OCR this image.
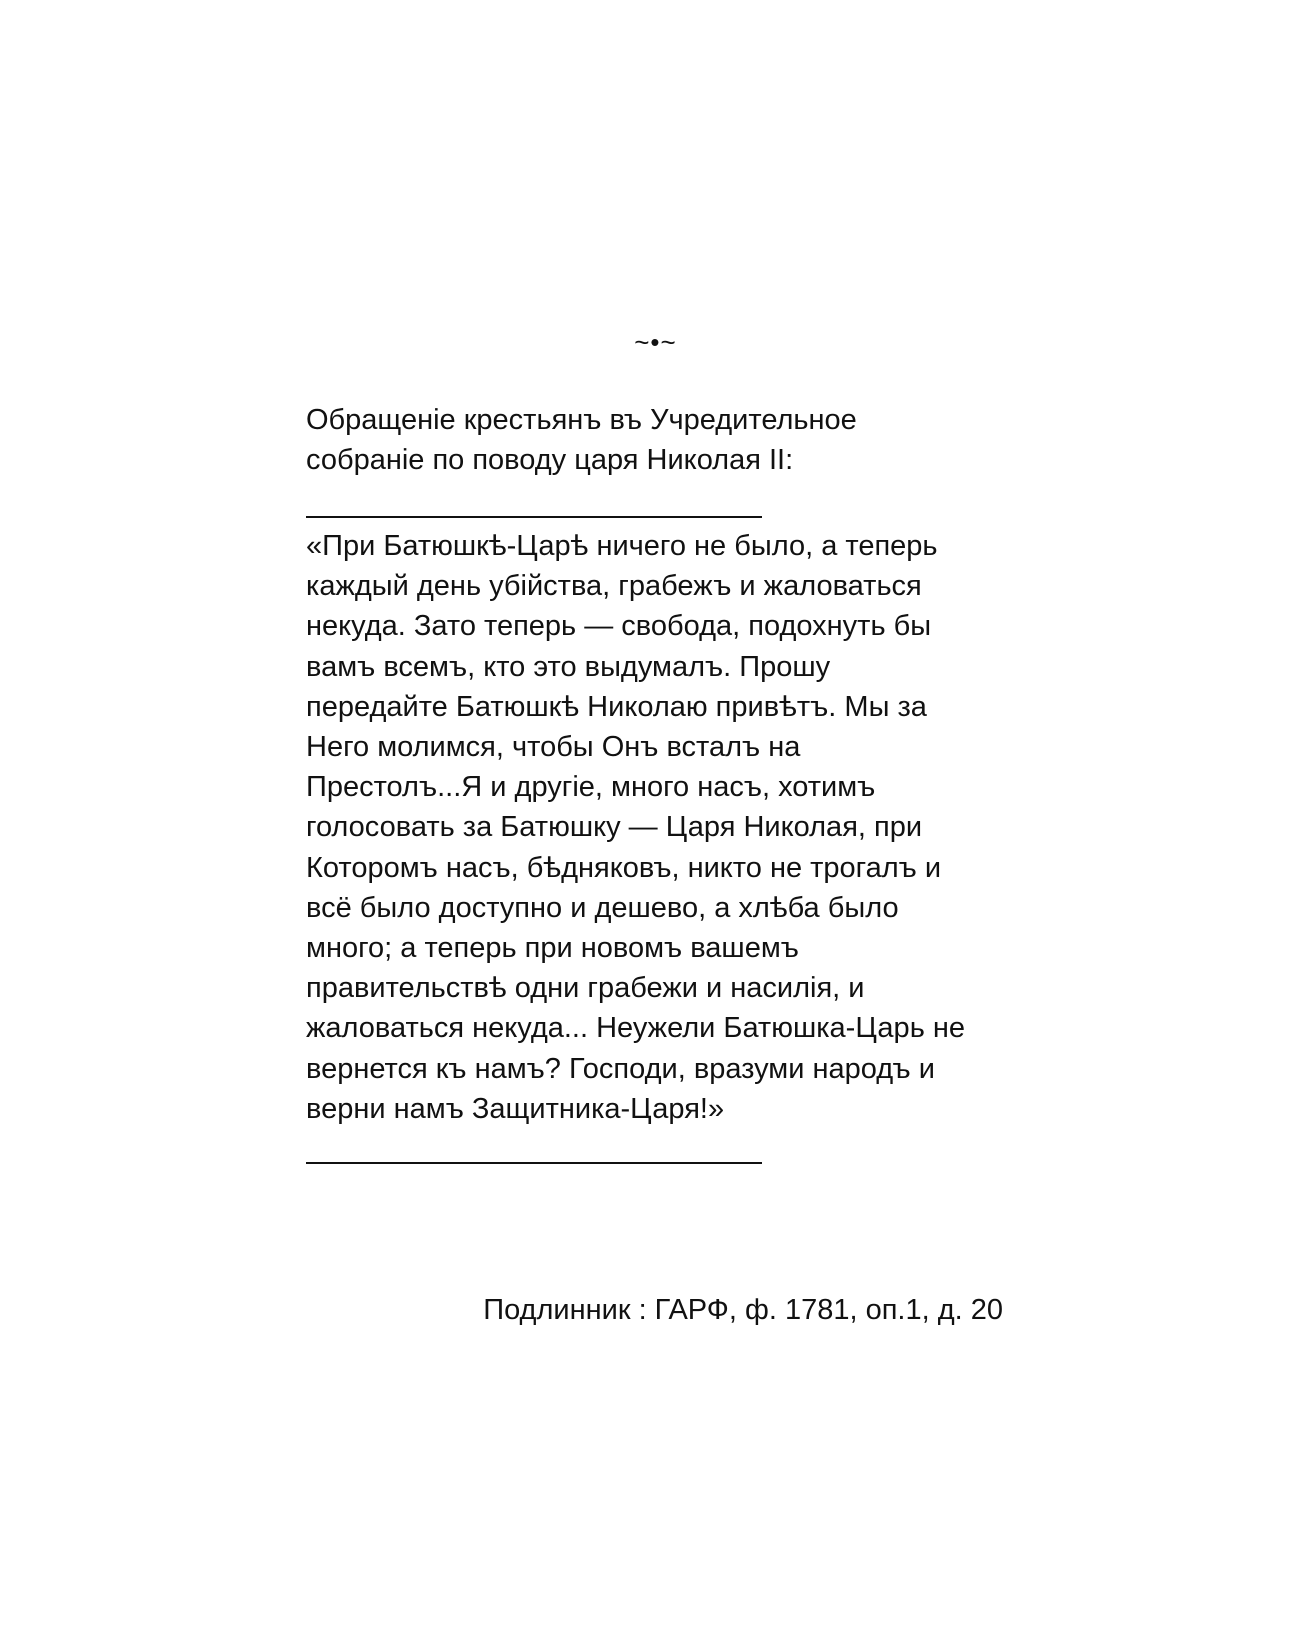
~•~

Обращеніе крестьянъ въ Учредительное
собраніе по поводу царя Николая II:

«При Батюшкѣ-Царѣ ничего не было, а теперь
каждый день убійства, грабежъ и жаловаться
некуда. Зато теперь — свобода, подохнуть бы
вамъ всемъ, кто это выдумалъ. Прошу
передайте Батюшкѣ Николаю привѣтъ. Мы за
Него молимся, чтобы Онъ всталъ на
Престолъ...Я и другіе, много насъ, хотимъ
голосовать за Батюшку — Царя Николая, при
Которомъ насъ, бѣдняковъ, никто не трогалъ и
всё было доступно и дешево, а хлѣба было
много; а теперь при новомъ вашемъ
правительствѣ одни грабежи и насилія, и
жаловаться некуда... Неужели Батюшка-Царь не
вернется къ намъ? Господи, вразуми народъ и
верни намъ Защитника-Царя!»

Подлинник : ГАРФ, ф. 1781, оп.1, д. 20
